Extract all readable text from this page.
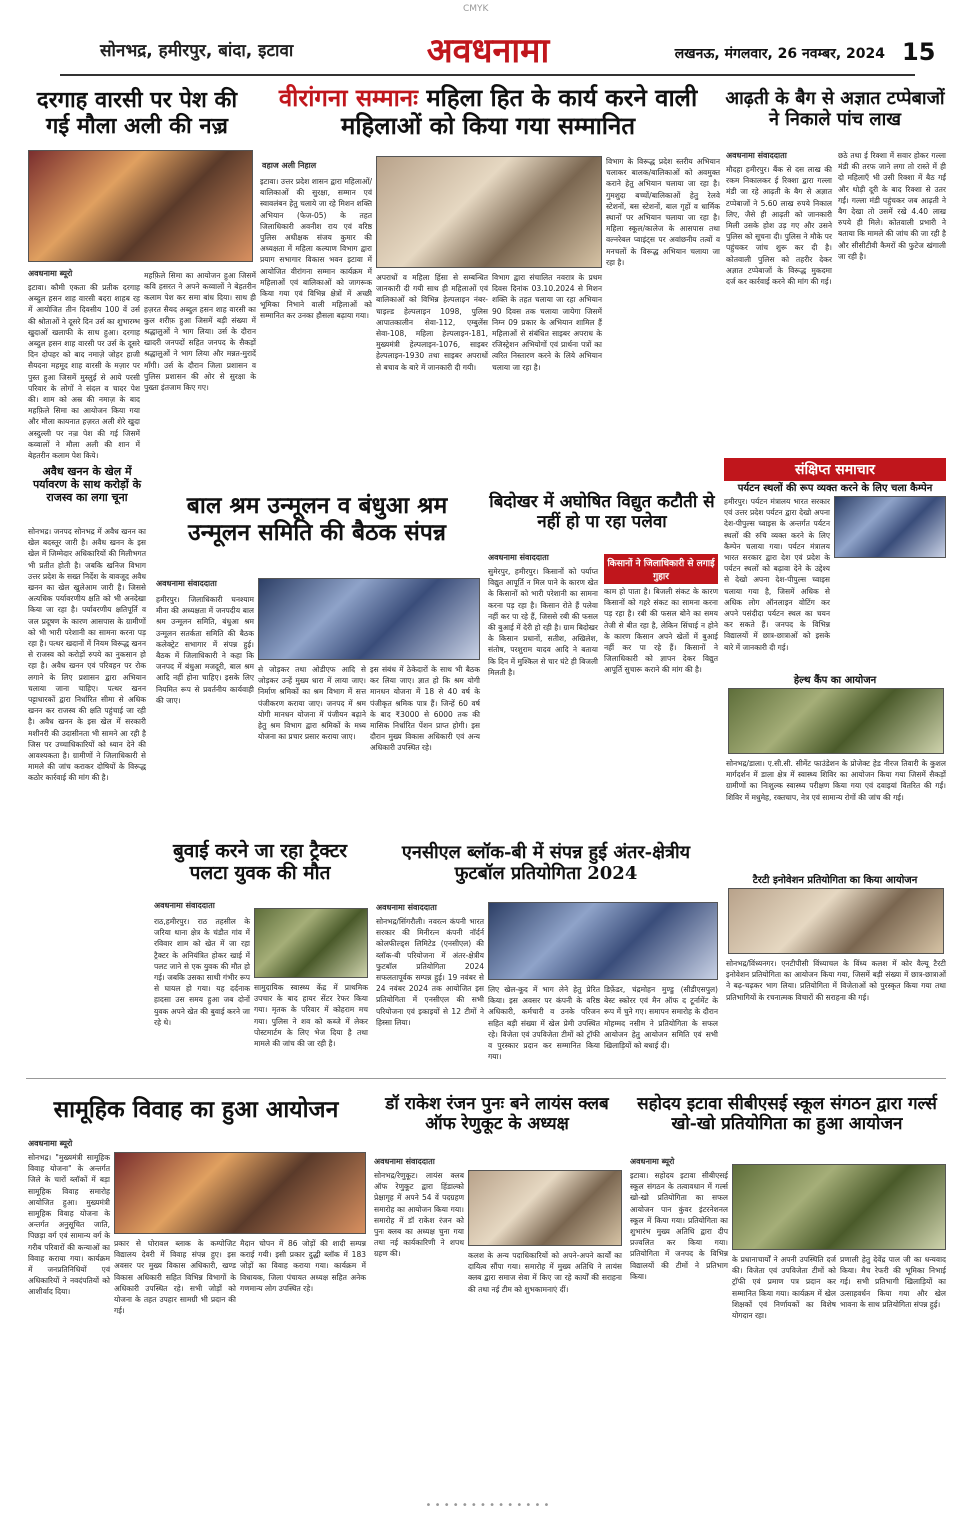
CMYK
सोनभद्र, हमीरपुर, बांदा, इटावा	अवधनामा	लखनऊ, मंगलवार, 26 नवम्बर, 2024 15
दरगाह वारसी पर पेश की गई मौला अली की नज़्र
अवधनामा ब्यूरो
इटावा। कौमी एकता की प्रतीक दरगाह अब्दुल हसन शाह वारसी बदरा शाहब रह में आयोजित तीन दिवसीय 100 वें उर्स की श्रोताओं ने दूसरे दिन उर्स का शुभारम्भ खुदाओं खलाफी के साथ हुआ। दरगाह अब्दुल हसन शाह वारसी पर उर्स के दूसरे दिन दोपहर को बाद नमाज़े जोहर हाजी सैयदना महमूद शाह वारसी के मज़ार पर पुस्त हुआ जिसमें मुस्लुई से आये परसी परिवार के लोगों ने संदल व चादर पेश की। शाम को अस्र की नमाज़ के बाद महफ़िले सिमा का आयोजन किया गया और मौला कायनात हज़रत अली शेरे खुदा अस्दुल्ली पर नज़्र पेश की गई जिसमें कव्वालों ने मौला अली की शान में बेहतरीन कलाम पेश किये।
महफ़िले सिमा का आयोजन हुआ जिसमें कवि हसरत ने अपने कव्वालों ने बेहतरीन कलाम पेश कर समा बांध दिया। साथ ही हज़रत सैयद अब्दुल हसन शाह वारसी का कुल शरीफ़ हुआ जिसमें बड़ी संख्या में श्रद्धालुओं ने भाग लिया। उर्स के दौरान खादरी जनपदों सहित जनपद के सैकड़ों श्रद्धालुओं ने भाग लिया और मन्नत-मुरादें माँगी। उर्स के दौरान जिला प्रशासन व पुलिस प्रशासन की ओर से सुरक्षा के पुख्ता इंतजाम किए गए।
वीरांगना सम्मानः महिला हित के कार्य करने वाली महिलाओं को किया गया सम्मानित
वहाज अली निहाल
इटावा। उत्तर प्रदेश शासन द्वारा महिलाओं/बालिकाओं की सुरक्षा, सम्मान एवं स्वावलंबन हेतु चलाये जा रहे मिशन शक्ति अभियान (फेज-05) के तहत जिलाधिकारी अवनीश राय एवं वरिष्ठ पुलिस अधीक्षक संजय कुमार की अध्यक्षता में महिला कल्याण विभाग द्वारा प्रयाग सभागार विकास भवन इटावा में आयोजित वीरांगना सम्मान कार्यक्रम में महिलाओं एवं बालिकाओं को जागरूक किया गया एवं विभिन्न क्षेत्रों में अच्छी भूमिका निभाने वाली महिलाओं को सम्मानित कर उनका हौसला बढ़ाया गया।
अपराधों व महिला हिंसा से सम्बन्धित जानकारी दी गयी साथ ही महिलाओं एवं बालिकाओं को विभिन्न हेल्पलाइन नंबर-चाइल्ड हेल्पलाइन 1098, पुलिस आपातकालीन सेवा-112, एम्बुलेंस सेवा-108, महिला हेल्पलाइन-181, मुख्यमंत्री हेल्पलाइन-1076, साइबर हेल्पलाइन-1930 तथा साइबर अपराधों से बचाव के बारे में जानकारी दी गयी।
विभाग द्वारा संचालित नवरात्र के प्रथम दिवस दिनांक 03.10.2024 से मिशन शक्ति के तहत चलाया जा रहा अभियान 90 दिवस तक चलाया जायेगा जिसमें निम्न 09 प्रकार के अभियान शामिल हैं महिलाओं से संबंधित साइबर अपराध के रजिस्ट्रेशन अभियोगों एवं प्रार्थना पत्रों का त्वरित निस्तारण करने के लिये अभियान चलाया जा रहा है।
विभाग के विरूद्ध प्रदेश स्तरीय अभियान चलाकर बालक/बालिकाओं को अवमुक्त कराने हेतु अभियान चलाया जा रहा है। गुमशुदा बच्चों/बालिकाओं हेतु रेलवे स्टेशनों, बस स्टेशनों, बाल गृहों व धार्मिक स्थानों पर अभियान चलाया जा रहा है। महिला स्कूल/कालेज के आसपास तथा वल्नरेबल प्वाइंट्स पर अवांछनीय तत्वों व मनचलों के विरूद्ध अभियान चलाया जा रहा है।
आढ़ती के बैग से अज्ञात टप्पेबाजों ने निकाले पांच लाख
अवधनामा संवाददाता
मौदहा हमीरपुर। बैंक से दस लाख की रकम निकालकर ई रिक्शा द्वारा गल्ला मंडी जा रहे आढ़ती के बैग से अज्ञात टप्पेबाजों ने 5.60 लाख रुपये निकाल लिए, जैसे ही आढ़ती को जानकारी मिली उसके होश उड़ गए और उसने पुलिस को सूचना दी। पुलिस ने मौके पर पहुंचकर जांच शुरू कर दी है। कोतवाली पुलिस को तहरीर देकर अज्ञात टप्पेबाजों के विरूद्ध मुकदमा दर्ज कर कार्रवाई करने की मांग की गई।
छठे तथा ई रिक्शा में सवार होकर गल्ला मंडी की तरफ जाने लगा तो रास्ते में ही दो महिलाएँ भी उसी रिक्शा में बैठ गईं और थोड़ी दूरी के बाद रिक्शा से उतर गईं। गल्ला मंडी पहुंचकर जब आढ़ती ने बैग देखा तो उसमें रखे 4.40 लाख रुपये ही मिले। कोतवाली प्रभारी ने बताया कि मामले की जांच की जा रही है और सीसीटीवी कैमरों की फुटेज खंगाली जा रही है।
संक्षिप्त समाचार
पर्यटन स्थलों की रूप व्यक्त करने के लिए चला कैम्पेन
हमीरपुर। पर्यटन मंत्रालय भारत सरकार एवं उत्तर प्रदेश पर्यटन द्वारा देखो अपना देश-पीपुल्स च्वाइस के अन्तर्गत पर्यटन स्थलों की रुचि व्यक्त करने के लिए कैम्पेन चलाया गया। पर्यटन मंत्रालय भारत सरकार द्वारा देश एवं प्रदेश के पर्यटन स्थलों को बढ़ावा देने के उद्देश्य से देखो अपना देश-पीपुल्स च्वाइस चलाया गया है, जिसमें अधिक से अधिक लोग ऑनलाइन वोटिंग कर अपने पसंदीदा पर्यटन स्थल का चयन कर सकते हैं। जनपद के विभिन्न विद्यालयों में छात्र-छात्राओं को इसके बारे में जानकारी दी गई।
हेल्थ कैंप का आयोजन
सोनभद्र/डाला। ए.सी.सी. सीमेंट फाउंडेशन के प्रोजेक्ट हेड नीरज तिवारी के कुशल मार्गदर्शन में डाला क्षेत्र में स्वास्थ्य शिविर का आयोजन किया गया जिसमें सैकड़ों ग्रामीणों का निःशुल्क स्वास्थ्य परीक्षण किया गया एवं दवाइयां वितरित की गईं। शिविर में मधुमेह, रक्तचाप, नेत्र एवं सामान्य रोगों की जांच की गई।
टैरटी इनोवेशन प्रतियोगिता का किया आयोजन
सोनभद्र/विंध्यनगर। एनटीपीसी विंध्याचल के विंध्य कलश में कोर वैल्यू टैरटी इनोवेशन प्रतियोगिता का आयोजन किया गया, जिसमें बड़ी संख्या में छात्र-छात्राओं ने बढ़-चढ़कर भाग लिया। प्रतियोगिता में विजेताओं को पुरस्कृत किया गया तथा प्रतिभागियों के रचनात्मक विचारों की सराहना की गई।
अवैध खनन के खेल में पर्यावरण के साथ करोड़ों के राजस्व का लगा चूना
सोनभद्र। जनपद सोनभद्र में अवैध खनन का खेल बदस्तूर जारी है। अवैध खनन के इस खेल में जिम्मेदार अधिकारियों की मिलीभगत भी प्रतीत होती है। जबकि खनिज विभाग उत्तर प्रदेश के सख्त निर्देश के बावजूद अवैध खनन का खेल खुलेआम जारी है। जिससे अत्यधिक पर्यावरणीय क्षति को भी अनदेखा किया जा रहा है। पर्यावरणीय क्षतिपूर्ति व जल प्रदूषण के कारण आसपास के ग्रामीणों को भी भारी परेशानी का सामना करना पड़ रहा है। पत्थर खदानों में नियम विरूद्ध खनन से राजस्व को करोड़ों रुपये का नुकसान हो रहा है। अवैध खनन एवं परिवहन पर रोक लगाने के लिए प्रशासन द्वारा अभियान चलाया जाना चाहिए। पत्थर खनन पट्टाधारकों द्वारा निर्धारित सीमा से अधिक खनन कर राजस्व की क्षति पहुंचाई जा रही है। अवैध खनन के इस खेल में सरकारी मशीनरी की उदासीनता भी सामने आ रही है जिस पर उच्चाधिकारियों को ध्यान देने की आवश्यकता है। ग्रामीणों ने जिलाधिकारी से मामले की जांच कराकर दोषियों के विरूद्ध कठोर कार्रवाई की मांग की है।
बाल श्रम उन्मूलन व बंधुआ श्रम उन्मूलन समिति की बैठक संपन्न
अवधनामा संवाददाता
हमीरपुर। जिलाधिकारी घनश्याम मीना की अध्यक्षता में जनपदीय बाल श्रम उन्मूलन समिति, बंधुआ श्रम उन्मूलन सतर्कता समिति की बैठक कलेक्ट्रेट सभागार में संपन्न हुई। बैठक में जिलाधिकारी ने कहा कि जनपद में बंधुआ मजदूरी, बाल श्रम आदि नहीं होना चाहिए। इसके लिए नियमित रूप से प्रवर्तनीय कार्यवाही की जाए।
से जोड़कर तथा ओडीएफ आदि से जोड़कर उन्हें मुख्य धारा में लाया जाए। निर्माण श्रमिकों का श्रम विभाग में सत्त पंजीकरण कराया जाए। जनपद में श्रम योगी मानधन योजना में पंजीयन बढ़ाने हेतु श्रम विभाग द्वारा श्रमिकों के मध्य योजना का प्रचार प्रसार कराया जाए।
इस संबंध में ठेकेदारों के साथ भी बैठक कर लिया जाए। ज्ञात हो कि श्रम योगी मानधन योजना में 18 से 40 वर्ष के पंजीकृत श्रमिक पात्र हैं। जिन्हें 60 वर्ष के बाद ₹3000 से 6000 तक की मासिक निर्धारित पेंशन प्राप्त होगी। इस दौरान मुख्य विकास अधिकारी एवं अन्य अधिकारी उपस्थित रहे।
बिदोखर में अघोषित विद्युत कटौती से नहीं हो पा रहा पलेवा
अवधनामा संवाददाता
सुमेरपुर, हमीरपुर। किसानों को पर्याप्त विद्युत आपूर्ति न मिल पाने के कारण खेत के किसानों को भारी परेशानी का सामना करना पड़ रहा है। किसान रोते हैं पलेवा नहीं कर पा रहे हैं, जिससे रबी की फसल की बुआई में देरी हो रही है। ग्राम बिदोखर के किसान प्रधानों, सतीश, अखिलेश, संतोष, परशुराम यादव आदि ने बताया कि दिन में मुश्किल से चार घंटे ही बिजली मिलती है।
किसानों ने जिलाधिकारी से लगाई गुहार
काम हो पाता है। बिजली संकट के कारण किसानों को गहरे संकट का सामना करना पड़ रहा है। रबी की फसल बोने का समय तेजी से बीत रहा है, लेकिन सिंचाई न होने के कारण किसान अपने खेतों में बुआई नहीं कर पा रहे हैं। किसानों ने जिलाधिकारी को ज्ञापन देकर विद्युत आपूर्ति सुचारू कराने की मांग की है।
बुवाई करने जा रहा ट्रैक्टर पलटा युवक की मौत
अवधनामा संवाददाता
राठ,हमीरपुर। राठ तहसील के जरिया थाना क्षेत्र के चंडौत गांव में रविवार शाम को खेत में जा रहा ट्रैक्टर के अनियंत्रित होकर खाई में पलट जाने से एक युवक की मौत हो गई। जबकि उसका साथी गंभीर रूप से घायल हो गया। यह दर्दनाक हादसा उस समय हुआ जब दोनों युवक अपने खेत की बुवाई करने जा रहे थे।
सामुदायिक स्वास्थ्य केंद्र में प्राथमिक उपचार के बाद हायर सेंटर रेफर किया गया। मृतक के परिवार में कोहराम मच गया। पुलिस ने शव को कब्जे में लेकर पोस्टमार्टम के लिए भेज दिया है तथा मामले की जांच की जा रही है।
एनसीएल ब्लॉक-बी में संपन्न हुई अंतर-क्षेत्रीय फुटबॉल प्रतियोगिता 2024
अवधनामा संवाददाता
सोनभद्र/सिंगरौली। नवरत्न कंपनी भारत सरकार की मिनीरत्न कंपनी नॉर्दर्न कोलफील्ड्स लिमिटेड (एनसीएल) की ब्लॉक-बी परियोजना में अंतर-क्षेत्रीय फुटबॉल प्रतियोगिता 2024 सफलतापूर्वक सम्पन्न हुई। 19 नवंबर से 24 नवंबर 2024 तक आयोजित इस प्रतियोगिता में एनसीएल की सभी परियोजना एवं इकाइयों से 12 टीमों ने हिस्सा लिया।
लिए खेल-कूद में भाग लेने हेतु प्रेरित किया। इस अवसर पर कंपनी के वरिष्ठ अधिकारी, कर्मचारी व उनके परिजन सहित बड़ी संख्या में खेल प्रेमी उपस्थित रहे। विजेता एवं उपविजेता टीमों को ट्रॉफी व पुरस्कार प्रदान कर सम्मानित किया गया।
डिफ़ेंडर, चंद्रमोहन मुण्डु (सीडीएसपुल) बेस्ट स्कोरर एवं मैन ऑफ द टूर्नामेंट के रूप में चुने गए। समापन समारोह के दौरान मोहम्मद नसीम ने प्रतियोगिता के सफल आयोजन हेतु आयोजन समिति एवं सभी खिलाड़ियों को बधाई दी।
सामूहिक विवाह का हुआ आयोजन
अवधनामा ब्यूरो
सोनभद्र। "मुख्यमंत्री सामूहिक विवाह योजना" के अन्तर्गत जिले के चारों ब्लॉकों में बड़ा सामूहिक विवाह समारोह आयोजित हुआ। मुख्यमंत्री सामूहिक विवाह योजना के अन्तर्गत अनुसूचित जाति, पिछड़ा वर्ग एवं सामान्य वर्ग के गरीब परिवारों की कन्याओं का विवाह कराया गया। कार्यक्रम में जनप्रतिनिधियों एवं अधिकारियों ने नवदंपतियों को आशीर्वाद दिया।
प्रकार से घोरावल ब्लाक के कम्पोजिट विद्यालय देवरी में विवाह संपन्न हुए। इस अवसर पर मुख्य विकास अधिकारी, खण्ड विकास अधिकारी सहित विभिन्न विभागों के अधिकारी उपस्थित रहे। सभी जोड़ों को योजना के तहत उपहार सामग्री भी प्रदान की गई।
मैदान चोपन में 86 जोड़ों की शादी सम्पन्न कराई गयी। इसी प्रकार दुद्धी ब्लॉक में 183 जोड़ों का विवाह कराया गया। कार्यक्रम में विधायक, जिला पंचायत अध्यक्ष सहित अनेक गणमान्य लोग उपस्थित रहे।
डॉ राकेश रंजन पुनः बने लायंस क्लब ऑफ रेणुकूट के अध्यक्ष
अवधनामा संवाददाता
सोनभद्र/रेणुकूट। लायंस क्लब ऑफ रेणुकूट द्वारा हिंडाल्को प्रेक्षागृह में अपने 54 वें पदग्रहण समारोह का आयोजन किया गया। समारोह में डॉ राकेश रंजन को पुनः क्लब का अध्यक्ष चुना गया तथा नई कार्यकारिणी ने शपथ ग्रहण की।	कलश के अन्य पदाधिकारियों को अपने-अपने कार्यों का दायित्व सौंपा गया। समारोह में मुख्य अतिथि ने लायंस क्लब द्वारा समाज सेवा में किए जा रहे कार्यों की सराहना की तथा नई टीम को शुभकामनाएं दीं।
सहोदय इटावा सीबीएसई स्कूल संगठन द्वारा गर्ल्स खो-खो प्रतियोगिता का हुआ आयोजन
अवधनामा ब्यूरो
इटावा। सहोदय इटावा सीबीएसई स्कूल संगठन के तत्वावधान में गर्ल्स खो-खो प्रतियोगिता का सफल आयोजन पान कुंवर इंटरनेशनल स्कूल में किया गया। प्रतियोगिता का शुभारंभ मुख्य अतिथि द्वारा दीप प्रज्वलित कर किया गया। प्रतियोगिता में जनपद के विभिन्न विद्यालयों की टीमों ने प्रतिभाग किया।
के प्रधानाचार्यों ने अपनी उपस्थिति दर्ज की। विजेता एवं उपविजेता टीमों को ट्रॉफी एवं प्रमाण पत्र प्रदान कर सम्मानित किया गया। कार्यक्रम में खेल शिक्षकों एवं निर्णायकों का विशेष योगदान रहा।
प्रणाली हेतु देवेंद्र पाल जी का धन्यवाद किया। मैच रेफरी की भूमिका निभाई गई। सभी प्रतिभागी खिलाड़ियों का उत्साहवर्धन किया गया और खेल भावना के साथ प्रतियोगिता संपन्न हुई।
• • • • • • • • • • • • • •
